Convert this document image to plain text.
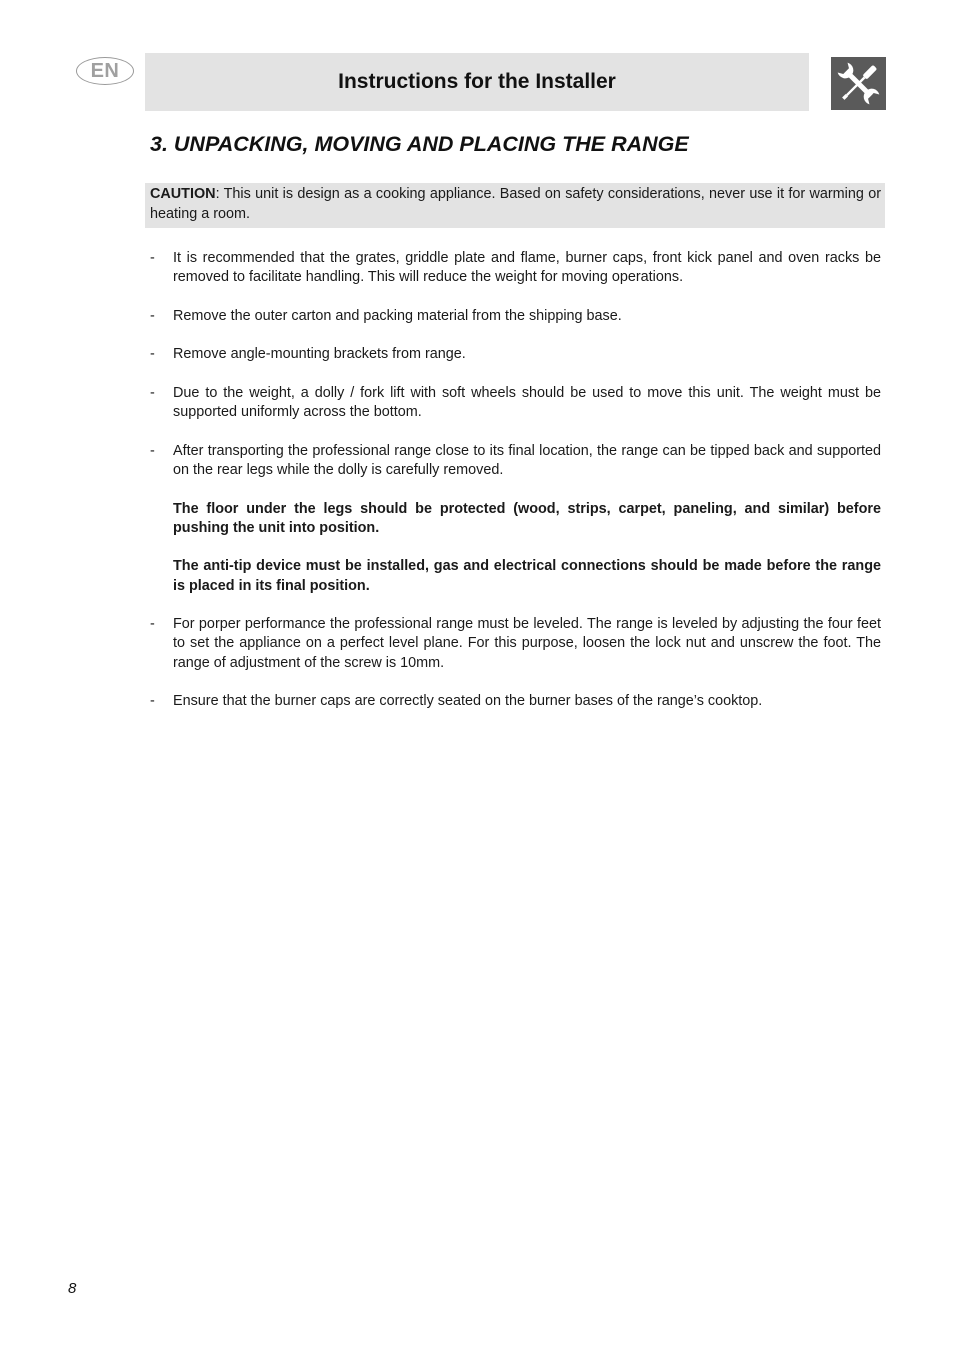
EN	Instructions for the Installer
3. UNPACKING, MOVING AND PLACING THE RANGE
CAUTION: This unit is design as a cooking appliance. Based on safety considerations, never use it for warming or heating a room.
- It is recommended that the grates, griddle plate and flame, burner caps, front kick panel and oven racks be removed to facilitate handling. This will reduce the weight for moving operations.

- Remove the outer carton and packing material from the shipping base.

- Remove angle-mounting brackets from range.

- Due to the weight, a dolly / fork lift with soft wheels should be used to move this unit. The weight must be supported uniformly across the bottom.

- After transporting the professional range close to its final location, the range can be tipped back and supported on the rear legs while the dolly is carefully removed.

The floor under the legs should be protected (wood, strips, carpet, paneling, and similar) before pushing the unit into position.

The anti-tip device must be installed, gas and electrical connections should be made before the range is placed in its final position.

- For porper performance the professional range must be leveled. The range is leveled by adjusting the four feet to set the appliance on a perfect level plane. For this purpose, loosen the lock nut and unscrew the foot. The range of adjustment of the screw is 10mm.

- Ensure that the burner caps are correctly seated on the burner bases of the range’s cooktop.

8
